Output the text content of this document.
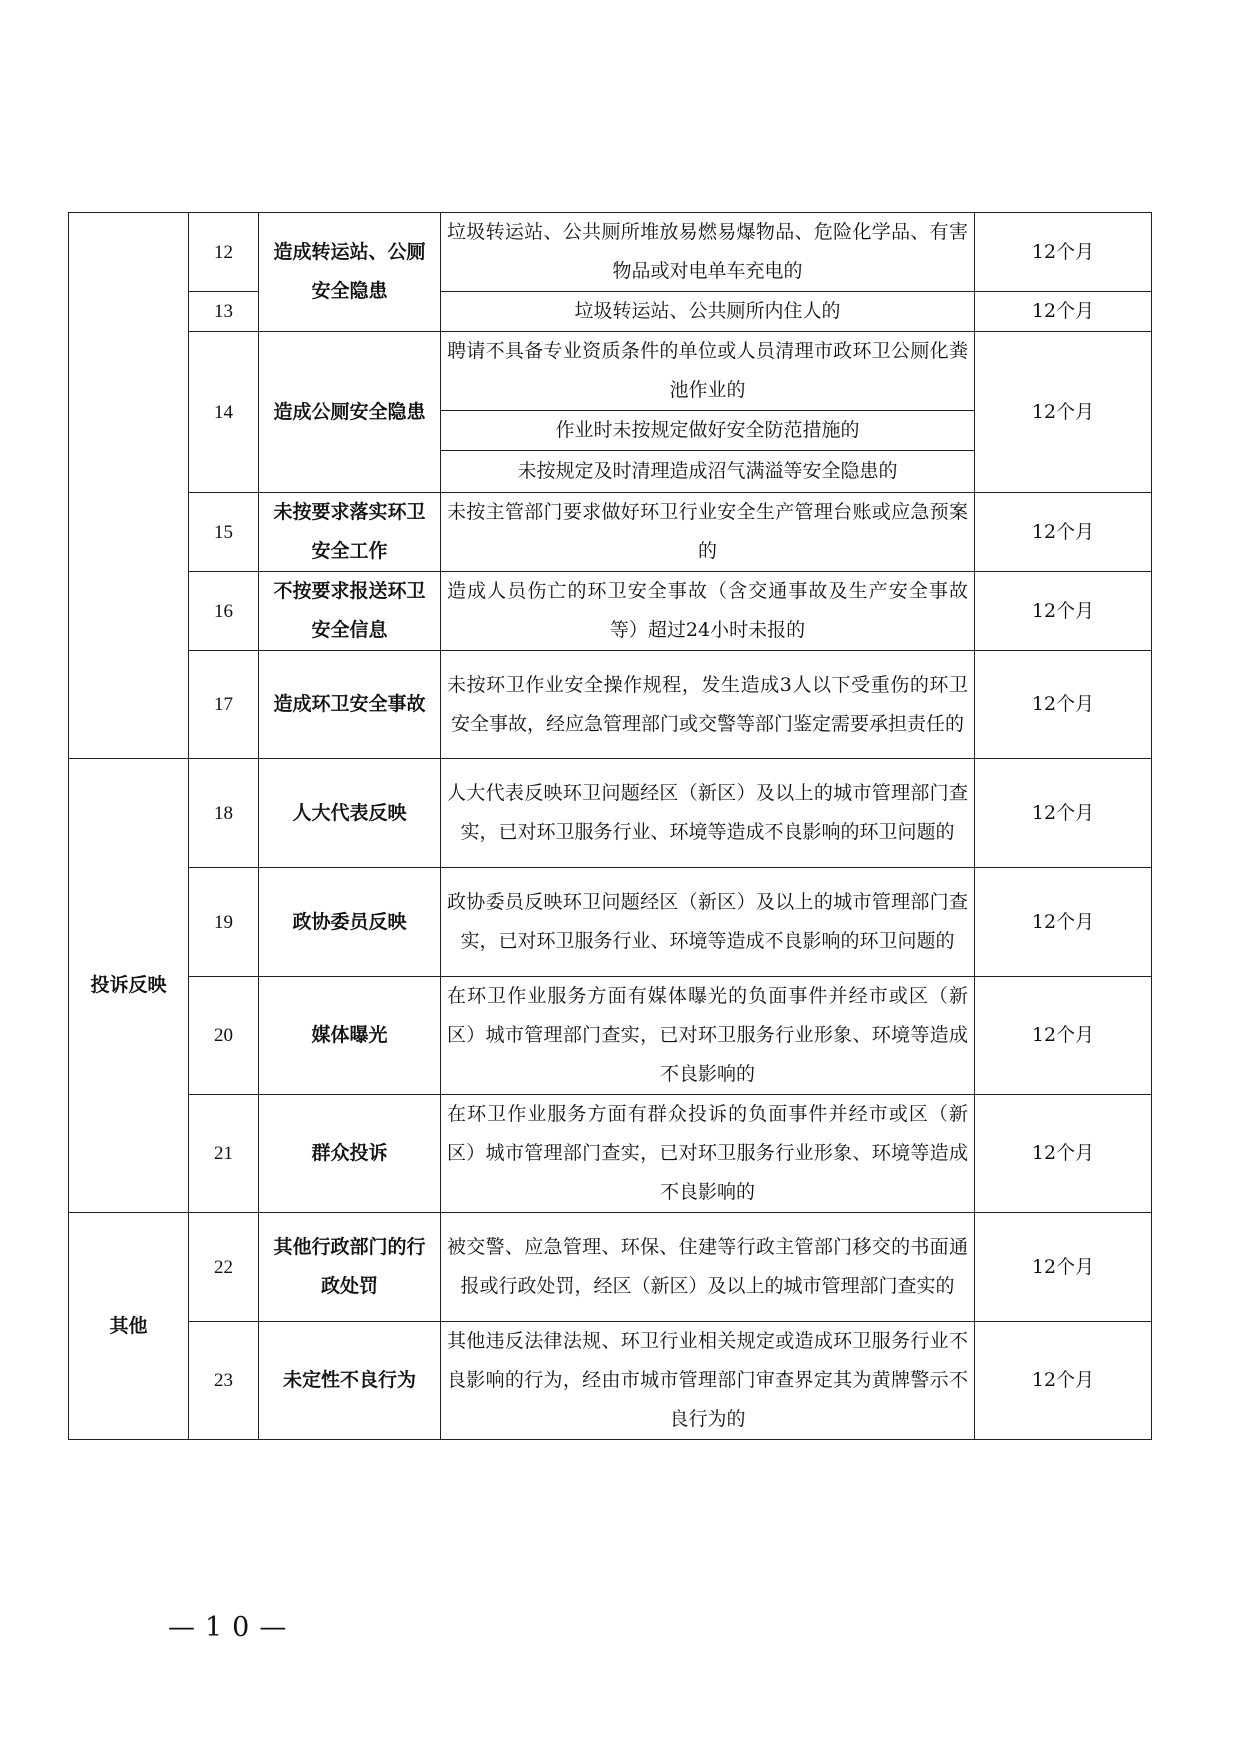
	12	造成转运站、公厕安全隐患	垃圾转运站、公共厕所堆放易燃易爆物品、危险化学品、有害物品或对电单车充电的	12个月
	13		垃圾转运站、公共厕所内住人的	12个月
	14	造成公厕安全隐患	聘请不具备专业资质条件的单位或人员清理市政环卫公厕化粪池作业的	12个月
			作业时未按规定做好安全防范措施的	
			未按规定及时清理造成沼气满溢等安全隐患的	
	15	未按要求落实环卫安全工作	未按主管部门要求做好环卫行业安全生产管理台账或应急预案的	12个月
	16	不按要求报送环卫安全信息	造成人员伤亡的环卫安全事故（含交通事故及生产安全事故等）超过24小时未报的	12个月
	17	造成环卫安全事故	未按环卫作业安全操作规程，发生造成3人以下受重伤的环卫安全事故，经应急管理部门或交警等部门鉴定需要承担责任的	12个月
投诉反映	18	人大代表反映	人大代表反映环卫问题经区（新区）及以上的城市管理部门查实，已对环卫服务行业、环境等造成不良影响的环卫问题的	12个月
	19	政协委员反映	政协委员反映环卫问题经区（新区）及以上的城市管理部门查实，已对环卫服务行业、环境等造成不良影响的环卫问题的	12个月
	20	媒体曝光	在环卫作业服务方面有媒体曝光的负面事件并经市或区（新区）城市管理部门查实，已对环卫服务行业形象、环境等造成不良影响的	12个月
	21	群众投诉	在环卫作业服务方面有群众投诉的负面事件并经市或区（新区）城市管理部门查实，已对环卫服务行业形象、环境等造成不良影响的	12个月
其他	22	其他行政部门的行政处罚	被交警、应急管理、环保、住建等行政主管部门移交的书面通报或行政处罚，经区（新区）及以上的城市管理部门查实的	12个月
	23	未定性不良行为	其他违反法律法规、环卫行业相关规定或造成环卫服务行业不良影响的行为，经由市城市管理部门审查界定其为黄牌警示不良行为的	12个月
—10—
